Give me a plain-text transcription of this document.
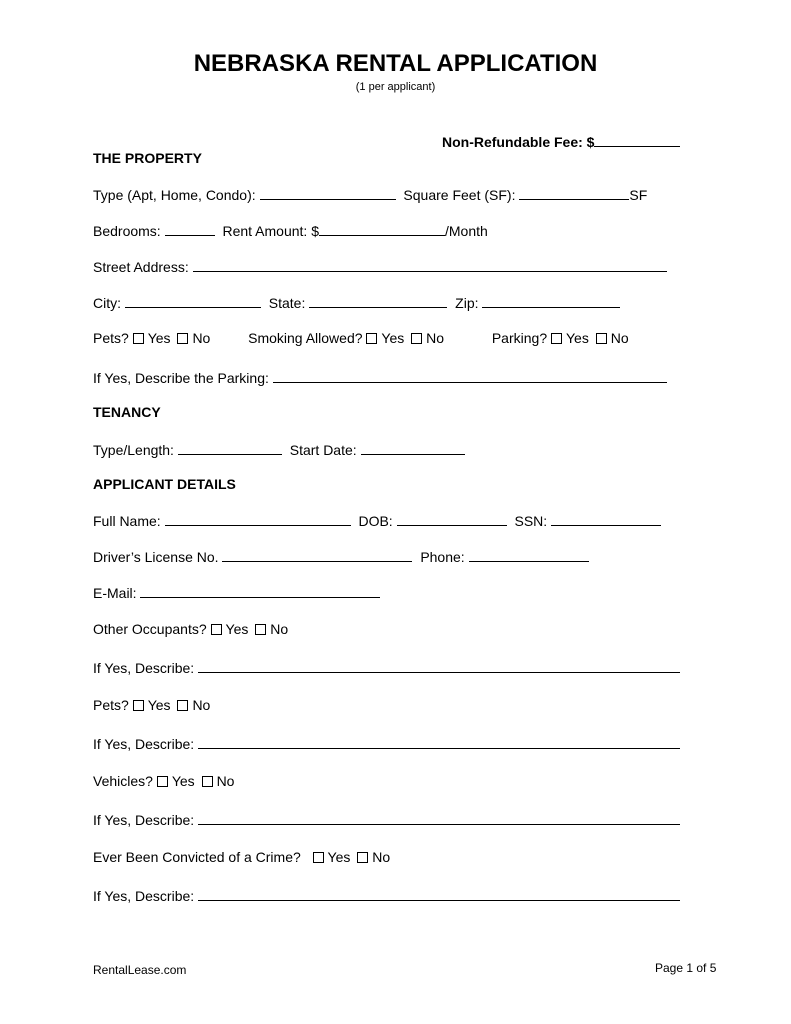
NEBRASKA RENTAL APPLICATION
(1 per applicant)
Non-Refundable Fee: $
THE PROPERTY
Type (Apt, Home, Condo):	Square Feet (SF):	SF
Bedrooms:	Rent Amount: $	/Month
Street Address:
City:	State:	Zip:
Pets? Yes No	Smoking Allowed? Yes No	Parking? Yes No
If Yes, Describe the Parking:
TENANCY
Type/Length:	Start Date:
APPLICANT DETAILS
Full Name:	DOB:	SSN:
Driver’s License No.	Phone:
E-Mail:
Other Occupants? Yes No
If Yes, Describe:
Pets? Yes No
If Yes, Describe:
Vehicles? Yes No
If Yes, Describe:
Ever Been Convicted of a Crime? Yes No
If Yes, Describe:
RentalLease.com	Page 1 of 5
